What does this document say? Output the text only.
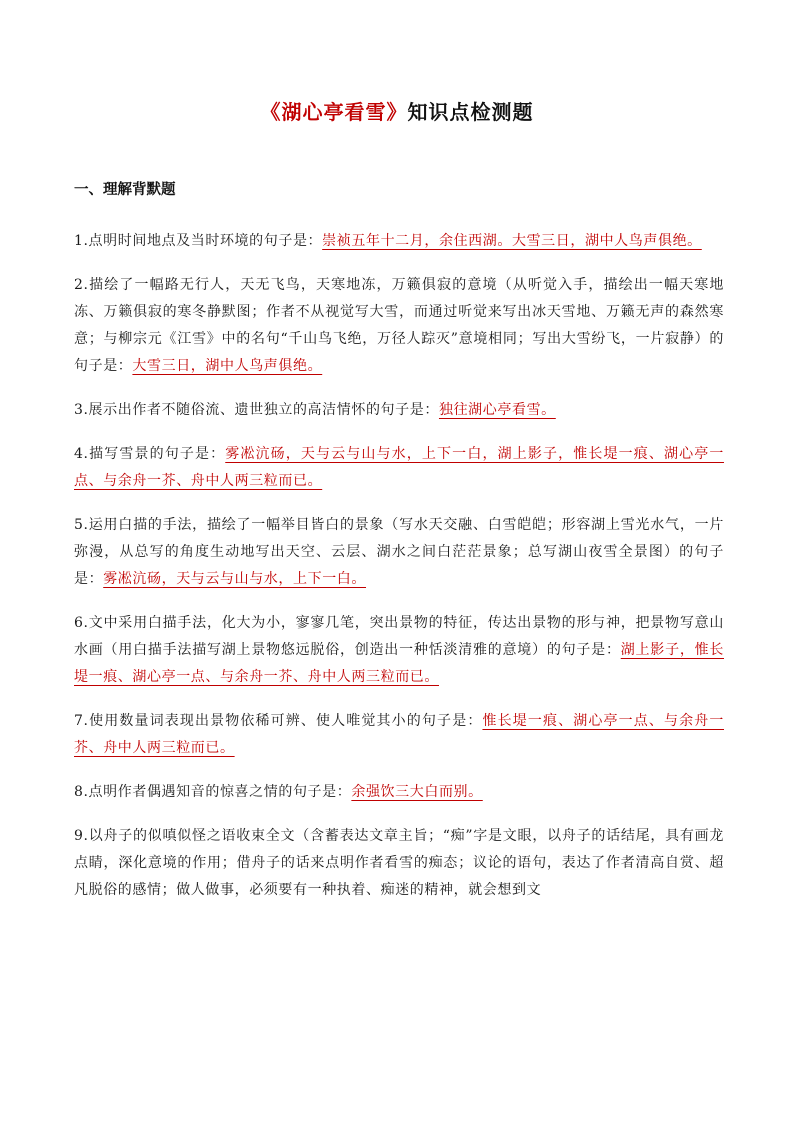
《湖心亭看雪》知识点检测题
一、理解背默题

1.点明时间地点及当时环境的句子是：崇祯五年十二月，余住西湖。大雪三日，湖中人鸟声俱绝。

2.描绘了一幅路无行人，天无飞鸟，天寒地冻，万籁俱寂的意境（从听觉入手，描绘出一幅天寒地冻、万籁俱寂的寒冬静默图；作者不从视觉写大雪，而通过听觉来写出冰天雪地、万籁无声的森然寒意；与柳宗元《江雪》中的名句“千山鸟飞绝，万径人踪灭”意境相同；写出大雪纷飞，一片寂静）的句子是：大雪三日，湖中人鸟声俱绝。

3.展示出作者不随俗流、遗世独立的高洁情怀的句子是：独往湖心亭看雪。

4.描写雪景的句子是：雾凇沆砀，天与云与山与水，上下一白，湖上影子，惟长堤一痕、湖心亭一点、与余舟一芥、舟中人两三粒而已。

5.运用白描的手法，描绘了一幅举目皆白的景象（写水天交融、白雪皑皑；形容湖上雪光水气，一片弥漫，从总写的角度生动地写出天空、云层、湖水之间白茫茫景象；总写湖山夜雪全景图）的句子是：雾凇沆砀，天与云与山与水，上下一白。

6.文中采用白描手法，化大为小，寥寥几笔，突出景物的特征，传达出景物的形与神，把景物写意山水画（用白描手法描写湖上景物悠远脱俗，创造出一种恬淡清雅的意境）的句子是：湖上影子，惟长堤一痕、湖心亭一点、与余舟一芥、舟中人两三粒而已。

7.使用数量词表现出景物依稀可辨、使人唯觉其小的句子是：惟长堤一痕、湖心亭一点、与余舟一芥、舟中人两三粒而已。

8.点明作者偶遇知音的惊喜之情的句子是：余强饮三大白而别。

9.以舟子的似嗔似怪之语收束全文（含蓄表达文章主旨；“痴”字是文眼，以舟子的话结尾，具有画龙点睛，深化意境的作用；借舟子的话来点明作者看雪的痴态；议论的语句，表达了作者清高自赏、超凡脱俗的感情；做人做事，必须要有一种执着、痴迷的精神，就会想到文
